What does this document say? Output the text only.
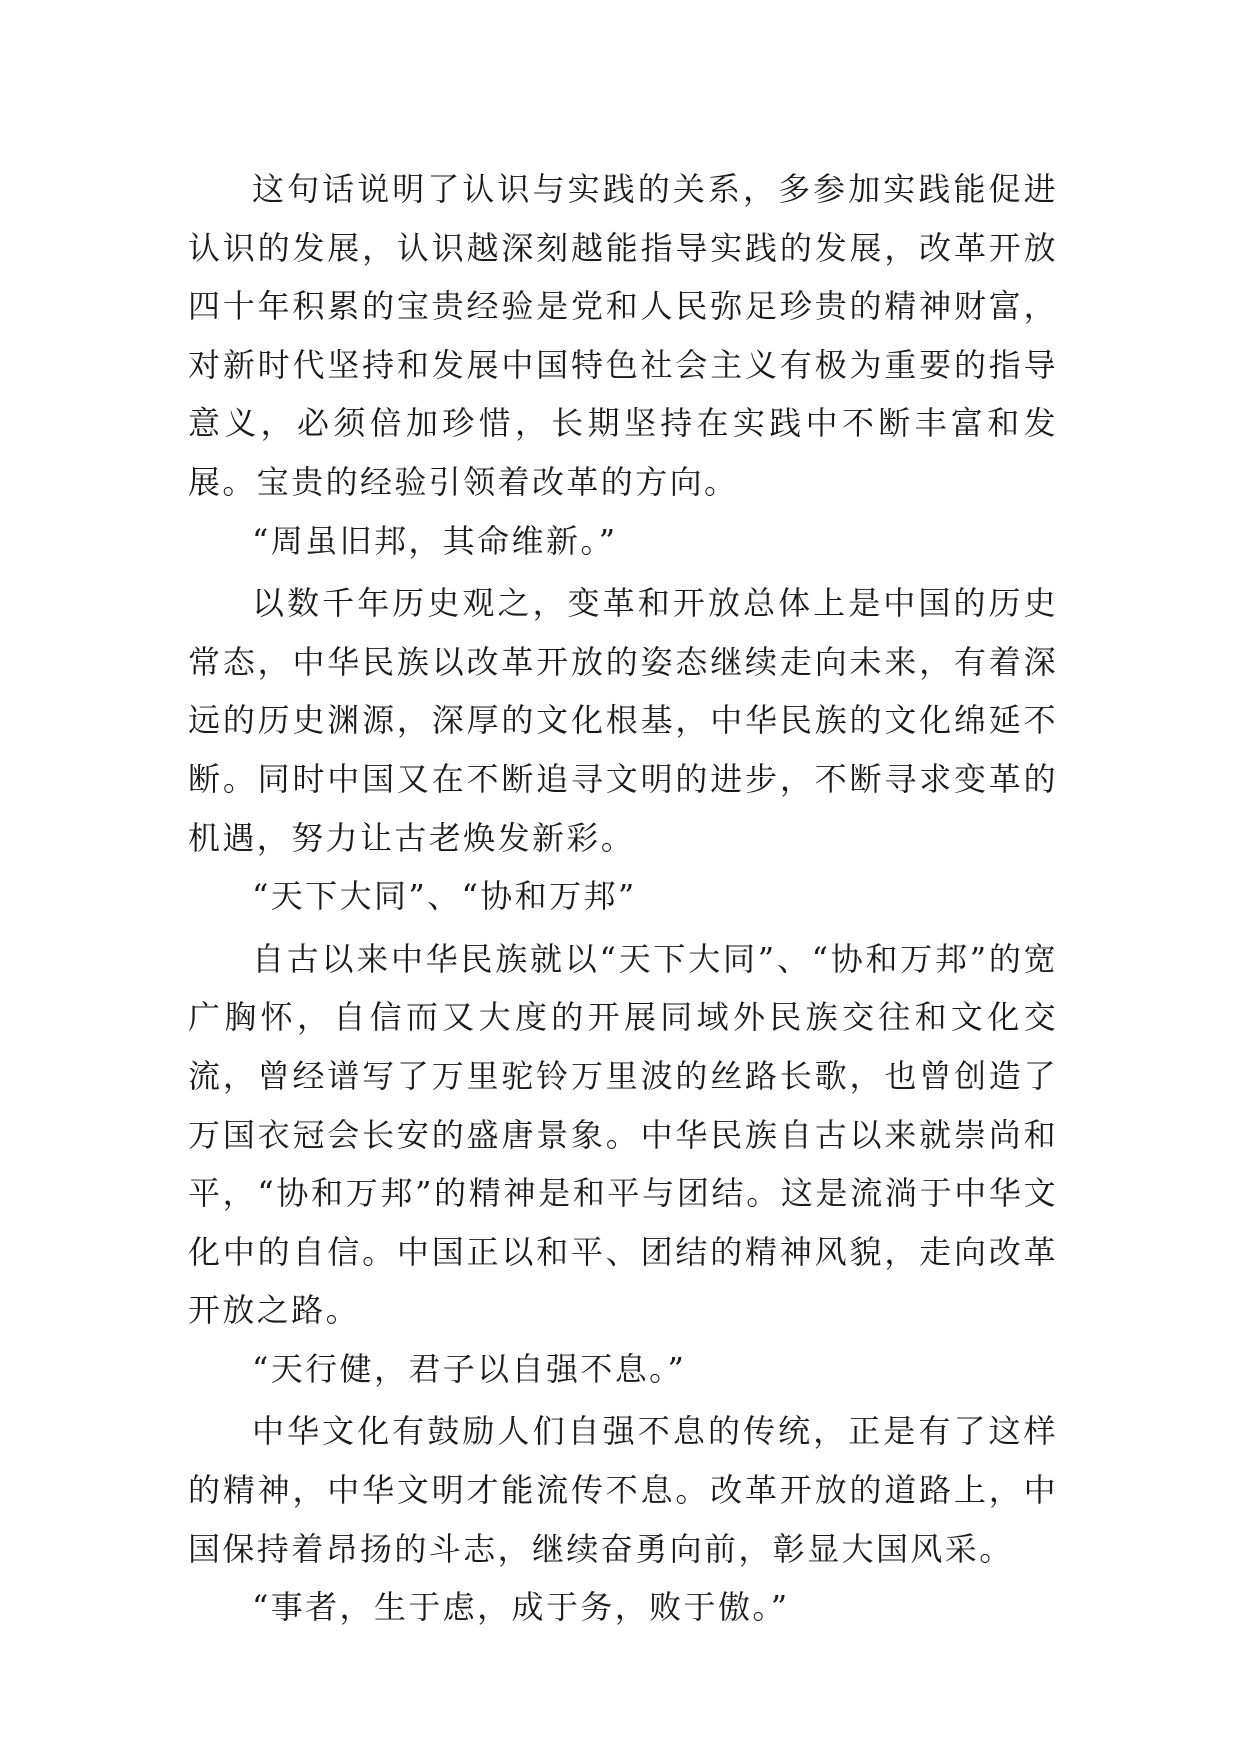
这句话说明了认识与实践的关系，多参加实践能促进认识的发展，认识越深刻越能指导实践的发展，改革开放四十年积累的宝贵经验是党和人民弥足珍贵的精神财富，对新时代坚持和发展中国特色社会主义有极为重要的指导意义，必须倍加珍惜，长期坚持在实践中不断丰富和发展。宝贵的经验引领着改革的方向。

“周虽旧邦，其命维新。”

以数千年历史观之，变革和开放总体上是中国的历史常态，中华民族以改革开放的姿态继续走向未来，有着深远的历史渊源，深厚的文化根基，中华民族的文化绵延不断。同时中国又在不断追寻文明的进步，不断寻求变革的机遇，努力让古老焕发新彩。

“天下大同”、“协和万邦”

自古以来中华民族就以“天下大同”、“协和万邦”的宽广胸怀，自信而又大度的开展同域外民族交往和文化交流，曾经谱写了万里驼铃万里波的丝路长歌，也曾创造了万国衣冠会长安的盛唐景象。中华民族自古以来就崇尚和平，“协和万邦”的精神是和平与团结。这是流淌于中华文化中的自信。中国正以和平、团结的精神风貌，走向改革开放之路。

“天行健，君子以自强不息。”

中华文化有鼓励人们自强不息的传统，正是有了这样的精神，中华文明才能流传不息。改革开放的道路上，中国保持着昂扬的斗志，继续奋勇向前，彰显大国风采。

“事者，生于虑，成于务，败于傲。”
